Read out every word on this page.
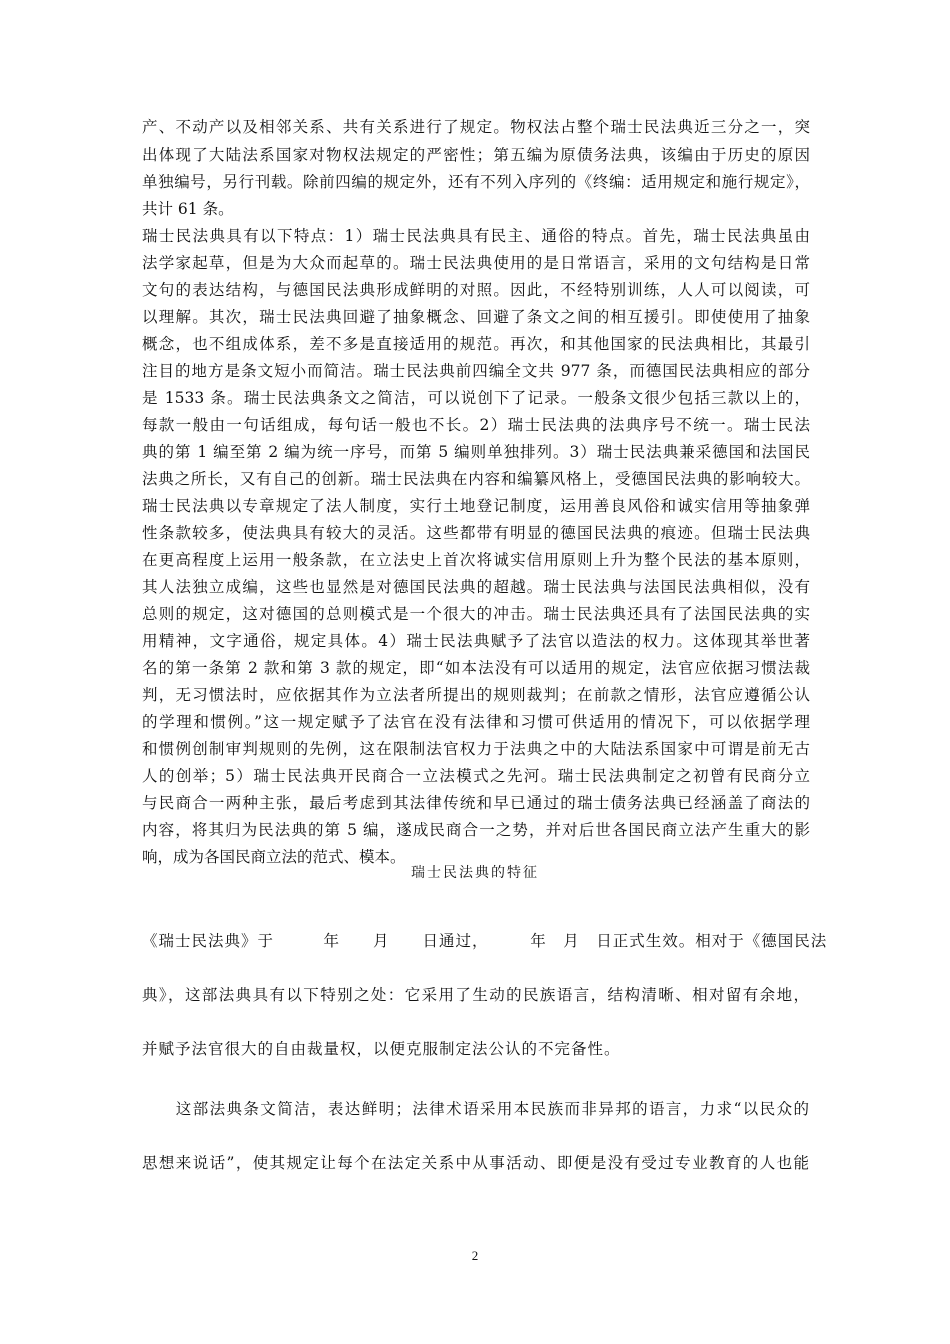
产、不动产以及相邻关系、共有关系进行了规定。物权法占整个瑞士民法典近三分之一，突
出体现了大陆法系国家对物权法规定的严密性；第五编为原债务法典，该编由于历史的原因
单独编号，另行刊载。除前四编的规定外，还有不列入序列的《终编：适用规定和施行规定》，
共计 61 条。
瑞士民法典具有以下特点：1）瑞士民法典具有民主、通俗的特点。首先，瑞士民法典虽由
法学家起草，但是为大众而起草的。瑞士民法典使用的是日常语言，采用的文句结构是日常
文句的表达结构，与德国民法典形成鲜明的对照。因此，不经特别训练，人人可以阅读，可
以理解。其次，瑞士民法典回避了抽象概念、回避了条文之间的相互援引。即使使用了抽象
概念，也不组成体系，差不多是直接适用的规范。再次，和其他国家的民法典相比，其最引
注目的地方是条文短小而简洁。瑞士民法典前四编全文共 977 条，而德国民法典相应的部分
是 1533 条。瑞士民法典条文之简洁，可以说创下了记录。一般条文很少包括三款以上的，
每款一般由一句话组成，每句话一般也不长。2）瑞士民法典的法典序号不统一。瑞士民法
典的第 1 编至第 2 编为统一序号，而第 5 编则单独排列。3）瑞士民法典兼采德国和法国民
法典之所长，又有自己的创新。瑞士民法典在内容和编纂风格上，受德国民法典的影响较大。
瑞士民法典以专章规定了法人制度，实行土地登记制度，运用善良风俗和诚实信用等抽象弹
性条款较多，使法典具有较大的灵活。这些都带有明显的德国民法典的痕迹。但瑞士民法典
在更高程度上运用一般条款，在立法史上首次将诚实信用原则上升为整个民法的基本原则，
其人法独立成编，这些也显然是对德国民法典的超越。瑞士民法典与法国民法典相似，没有
总则的规定，这对德国的总则模式是一个很大的冲击。瑞士民法典还具有了法国民法典的实
用精神，文字通俗，规定具体。4）瑞士民法典赋予了法官以造法的权力。这体现其举世著
名的第一条第 2 款和第 3 款的规定，即“如本法没有可以适用的规定，法官应依据习惯法裁
判，无习惯法时，应依据其作为立法者所提出的规则裁判；在前款之情形，法官应遵循公认
的学理和惯例。”这一规定赋予了法官在没有法律和习惯可供适用的情况下，可以依据学理
和惯例创制审判规则的先例，这在限制法官权力于法典之中的大陆法系国家中可谓是前无古
人的创举；5）瑞士民法典开民商合一立法模式之先河。瑞士民法典制定之初曾有民商分立
与民商合一两种主张，最后考虑到其法律传统和早已通过的瑞士债务法典已经涵盖了商法的
内容，将其归为民法典的第 5 编，遂成民商合一之势，并对后世各国民商立法产生重大的影
响，成为各国民商立法的范式、模本。
瑞士民法典的特征
《瑞士民法典》于　　　年　　月　　日通过，　　　年　月　日正式生效。相对于《德国民法
典》，这部法典具有以下特别之处：它采用了生动的民族语言，结构清晰、相对留有余地，
并赋予法官很大的自由裁量权，以便克服制定法公认的不完备性。
　　这部法典条文简洁，表达鲜明；法律术语采用本民族而非异邦的语言，力求“以民众的
思想来说话”，使其规定让每个在法定关系中从事活动、即便是没有受过专业教育的人也能
2
